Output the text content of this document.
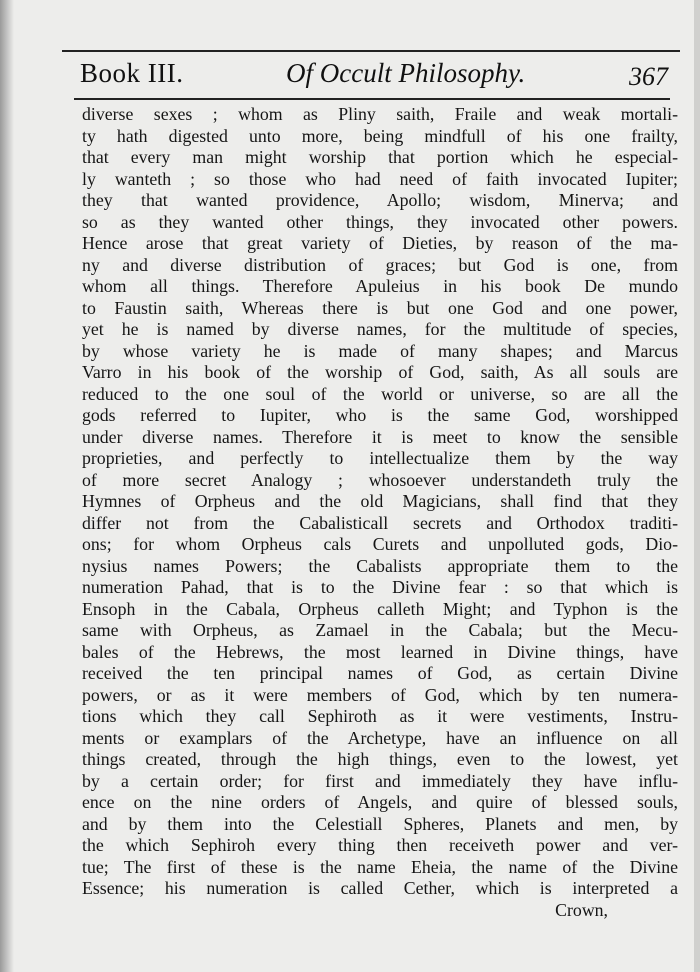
Book III.	Of Occult Philosophy.	367
diverse sexes ; whom as Pliny saith, Fraile and weak mortali-
ty hath digested unto more, being mindfull of his one frailty,
that every man might worship that portion which he especial-
ly wanteth ; so those who had need of faith invocated Iupiter;
they that wanted providence, Apollo; wisdom, Minerva; and
so as they wanted other things, they invocated other powers.
Hence arose that great variety of Dieties, by reason of the ma-
ny and diverse distribution of graces; but God is one, from
whom all things. Therefore Apuleius in his book De mundo
to Faustin saith, Whereas there is but one God and one power,
yet he is named by diverse names, for the multitude of species,
by whose variety he is made of many shapes; and Marcus
Varro in his book of the worship of God, saith, As all souls are
reduced to the one soul of the world or universe, so are all the
gods referred to Iupiter, who is the same God, worshipped
under diverse names. Therefore it is meet to know the sensible
proprieties, and perfectly to intellectualize them by the way
of more secret Analogy ; whosoever understandeth truly the
Hymnes of Orpheus and the old Magicians, shall find that they
differ not from the Cabalisticall secrets and Orthodox traditi-
ons; for whom Orpheus cals Curets and unpolluted gods, Dio-
nysius names Powers; the Cabalists appropriate them to the
numeration Pahad, that is to the Divine fear : so that which is
Ensoph in the Cabala, Orpheus calleth Might; and Typhon is the
same with Orpheus, as Zamael in the Cabala; but the Mecu-
bales of the Hebrews, the most learned in Divine things, have
received the ten principal names of God, as certain Divine
powers, or as it were members of God, which by ten numera-
tions which they call Sephiroth as it were vestiments, Instru-
ments or examplars of the Archetype, have an influence on all
things created, through the high things, even to the lowest, yet
by a certain order; for first and immediately they have influ-
ence on the nine orders of Angels, and quire of blessed souls,
and by them into the Celestiall Spheres, Planets and men, by
the which Sephiroh every thing then receiveth power and ver-
tue; The first of these is the name Eheia, the name of the Divine
Essence; his numeration is called Cether, which is interpreted a
Crown,
